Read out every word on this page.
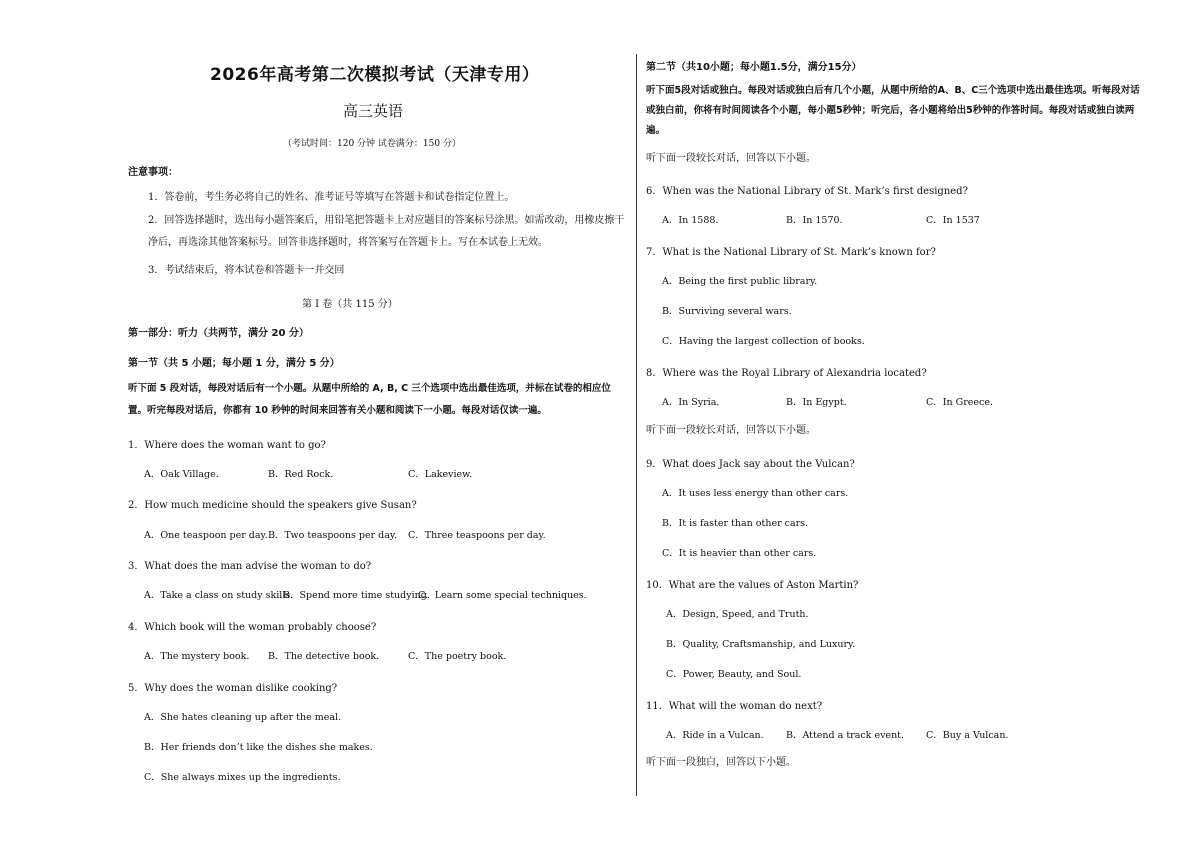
2026年高考第二次模拟考试（天津专用）
高三英语
（考试时间：120 分钟 试卷满分：150 分）
注意事项：
1．答卷前，考生务必将自己的姓名、准考证号等填写在答题卡和试卷指定位置上。
2．回答选择题时，选出每小题答案后，用铅笔把答题卡上对应题目的答案标号涂黑。如需改动，用橡皮擦干净后，再选涂其他答案标号。回答非选择题时，将答案写在答题卡上。写在本试卷上无效。
3．考试结束后，将本试卷和答题卡一并交回
第 Ⅰ 卷（共 115 分）
第一部分：听力（共两节，满分 20 分）
第一节（共 5 小题；每小题 1 分，满分 5 分）
听下面 5 段对话，每段对话后有一个小题。从题中所给的 A, B, C 三个选项中选出最佳选项，并标在试卷的相应位置。听完每段对话后，你都有 10 秒钟的时间来回答有关小题和阅读下一小题。每段对话仅读一遍。
1．Where does the woman want to go?
A．Oak Village.	B．Red Rock.	C．Lakeview.
2．How much medicine should the speakers give Susan?
A．One teaspoon per day. B．Two teaspoons per day. C．Three teaspoons per day.
3．What does the man advise the woman to do?
A．Take a class on study skills.
B．Spend more time studying.
C．Learn some special techniques.
4．Which book will the woman probably choose?
A．The mystery book. B．The detective book.	C．The poetry book.
5．Why does the woman dislike cooking?
A．She hates cleaning up after the meal.
B．Her friends don’t like the dishes she makes.
C．She always mixes up the ingredients.
第二节（共10小题；每小题1.5分，满分15分）
听下面5段对话或独白。每段对话或独白后有几个小题，从题中所给的A、B、C三个选项中选出最佳选项。听每段对话或独白前，你将有时间阅读各个小题，每小题5秒钟；听完后，各小题将给出5秒钟的作答时间。每段对话或独白读两遍。
听下面一段较长对话，回答以下小题。
6．When was the National Library of St. Mark’s first designed?
A．In 1588.	B．In 1570.	C．In 1537
7．What is the National Library of St. Mark’s known for?
A．Being the first public library.
B．Surviving several wars.
C．Having the largest collection of books.
8．Where was the Royal Library of Alexandria located?
A．In Syria.	B．In Egypt.	C．In Greece.
听下面一段较长对话，回答以下小题。
9．What does Jack say about the Vulcan?
A．It uses less energy than other cars.
B．It is faster than other cars.
C．It is heavier than other cars.
10．What are the values of Aston Martin?
A．Design, Speed, and Truth.
B．Quality, Craftsmanship, and Luxury.
C．Power, Beauty, and Soul.
11．What will the woman do next?
A．Ride in a Vulcan. B．Attend a track event. C．Buy a Vulcan.
听下面一段独白，回答以下小题。
